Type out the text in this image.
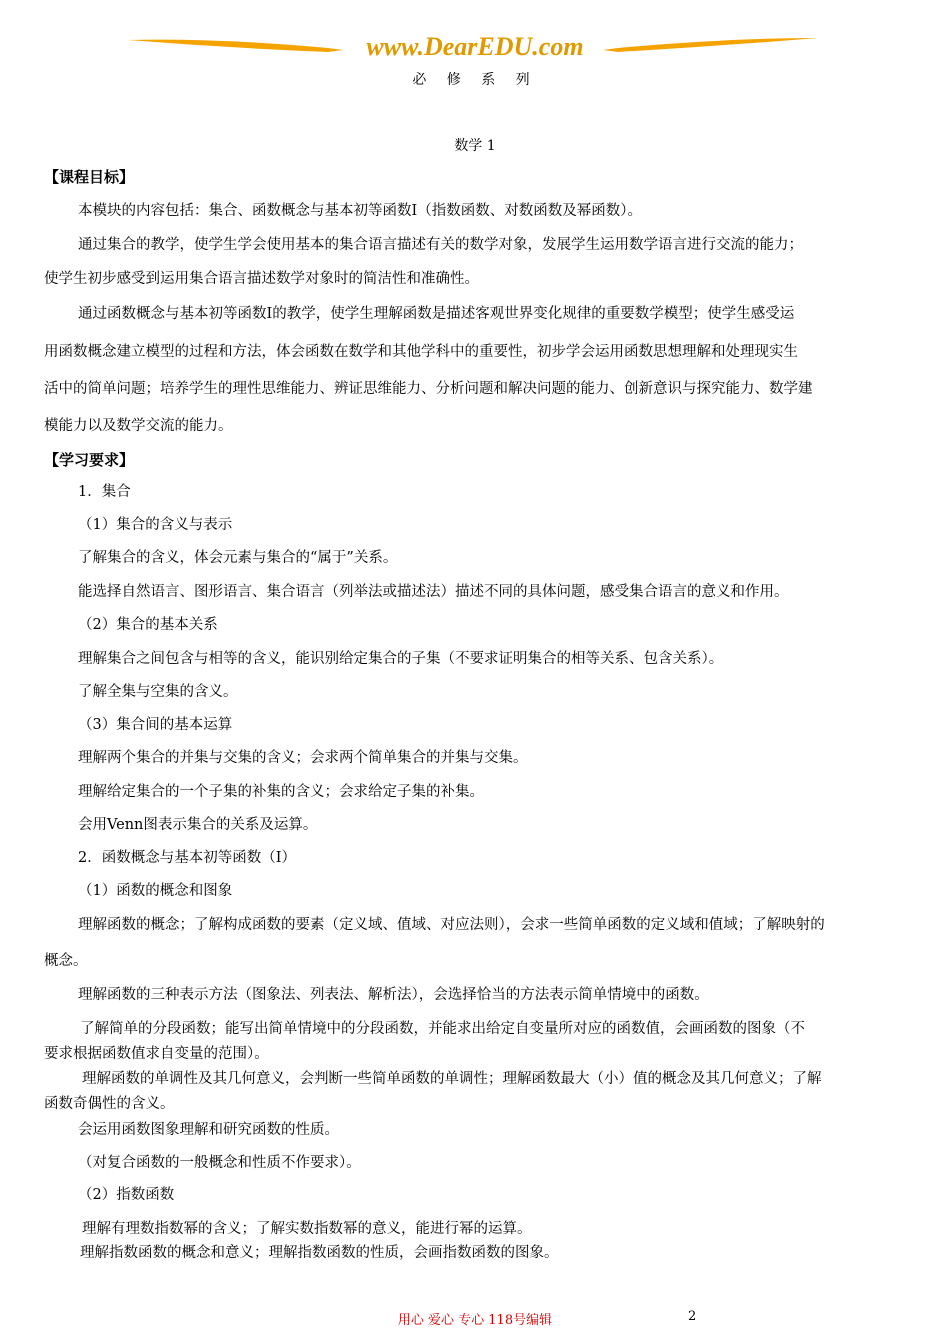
www.DearEDU.com
必 修 系 列
数学 1
【课程目标】
本模块的内容包括：集合、函数概念与基本初等函数Ⅰ（指数函数、对数函数及幂函数）。
通过集合的教学，使学生学会使用基本的集合语言描述有关的数学对象，发展学生运用数学语言进行交流的能力；
使学生初步感受到运用集合语言描述数学对象时的简洁性和准确性。
通过函数概念与基本初等函数Ⅰ的教学，使学生理解函数是描述客观世界变化规律的重要数学模型；使学生感受运
用函数概念建立模型的过程和方法，体会函数在数学和其他学科中的重要性，初步学会运用函数思想理解和处理现实生
活中的简单问题；培养学生的理性思维能力、辨证思维能力、分析问题和解决问题的能力、创新意识与探究能力、数学建
模能力以及数学交流的能力。
【学习要求】
1．集合
（1）集合的含义与表示
了解集合的含义，体会元素与集合的“属于”关系。
能选择自然语言、图形语言、集合语言（列举法或描述法）描述不同的具体问题，感受集合语言的意义和作用。
（2）集合的基本关系
理解集合之间包含与相等的含义，能识别给定集合的子集（不要求证明集合的相等关系、包含关系）。
了解全集与空集的含义。
（3）集合间的基本运算
理解两个集合的并集与交集的含义；会求两个简单集合的并集与交集。
理解给定集合的一个子集的补集的含义；会求给定子集的补集。
会用Venn图表示集合的关系及运算。
2．函数概念与基本初等函数（Ⅰ）
（1）函数的概念和图象
理解函数的概念；了解构成函数的要素（定义域、值域、对应法则），会求一些简单函数的定义域和值域；了解映射的
概念。
理解函数的三种表示方法（图象法、列表法、解析法），会选择恰当的方法表示简单情境中的函数。
了解简单的分段函数；能写出简单情境中的分段函数，并能求出给定自变量所对应的函数值，会画函数的图象（不
要求根据函数值求自变量的范围）。
理解函数的单调性及其几何意义，会判断一些简单函数的单调性；理解函数最大（小）值的概念及其几何意义；了解
函数奇偶性的含义。
会运用函数图象理解和研究函数的性质。
（对复合函数的一般概念和性质不作要求）。
（2）指数函数
理解有理数指数幂的含义；了解实数指数幂的意义，能进行幂的运算。
理解指数函数的概念和意义；理解指数函数的性质，会画指数函数的图象。
用心 爱心 专心 118号编辑	2
